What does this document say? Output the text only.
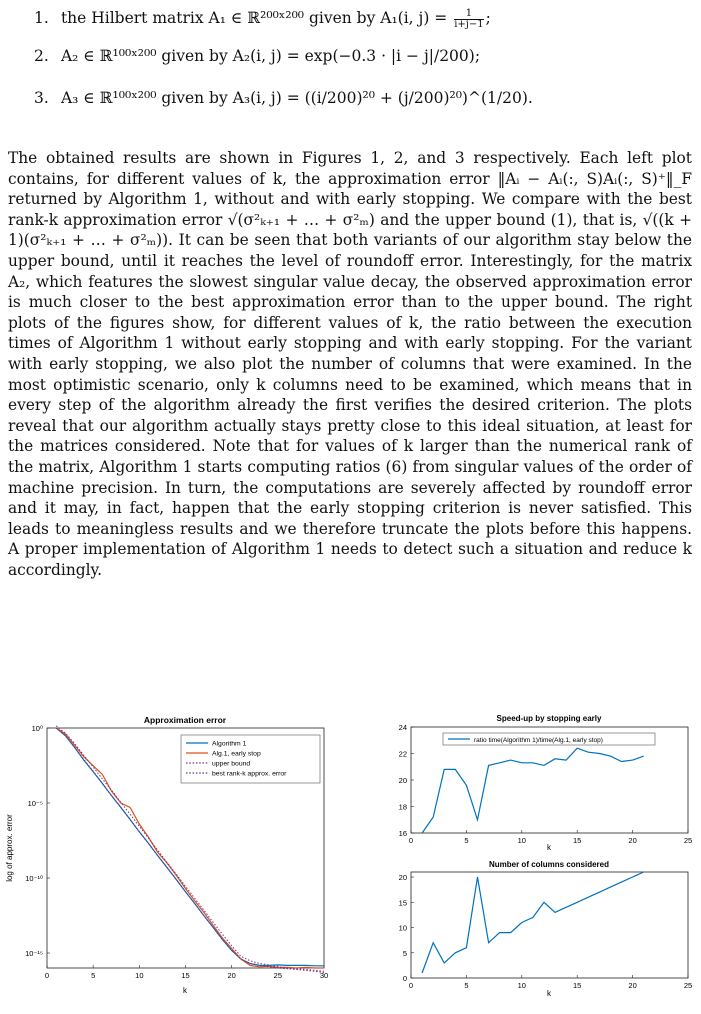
1. the Hilbert matrix A₁ ∈ ℝ²⁰⁰ˣ²⁰⁰ given by A₁(i, $j) = \frac{1}{i+j-1}$ ;
2. A₂ ∈ ℝ¹⁰⁰ˣ²⁰⁰ given by A₂(i, j) = exp(−0.3 · |i − j|/200);
3. A₃ ∈ ℝ¹⁰⁰ˣ²⁰⁰ given by A₃(i, j) = ((i/200)²⁰ + (j/200)²⁰)^(1/20).

The obtained results are shown in Figures 1, 2, and 3 respectively. Each left plot contains, for different values of k, the approximation error ‖Aᵢ − Aᵢ(:, S)Aᵢ(:, S)⁺‖_F returned by Algorithm 1, without and with early stopping. We compare with the best rank-k approximation error √(σ²ₖ₊₁ + … + σ²ₘ) and the upper bound (1), that is, √((k + 1)(σ²ₖ₊₁ + … + σ²ₘ)). It can be seen that both variants of our algorithm stay below the upper bound, until it reaches the level of roundoff error. Interestingly, for the matrix A₂, which features the slowest singular value decay, the observed approximation error is much closer to the best approximation error than to the upper bound. The right plots of the figures show, for different values of k, the ratio between the execution times of Algorithm 1 without early stopping and with early stopping. For the variant with early stopping, we also plot the number of columns that were examined. In the most optimistic scenario, only k columns need to be examined, which means that in every step of the algorithm already the first verifies the desired criterion. The plots reveal that our algorithm actually stays pretty close to this ideal situation, at least for the matrices considered. Note that for values of k larger than the numerical rank of the matrix, Algorithm 1 starts computing ratios (6) from singular values of the order of machine precision. In turn, the computations are severely affected by roundoff error and it may, in fact, happen that the early stopping criterion is never satisfied. This leads to meaningless results and we therefore truncate the plots before this happens. A proper implementation of Algorithm 1 needs to detect such a situation and reduce k accordingly.

Approximation error
k
log of approx. error
0	5	10	15	20	25	30
10⁰
10⁻⁵
10⁻¹⁰
10⁻¹⁵
Algorithm 1
Alg.1, early stop
upper bound
best rank-k approx. error
Speed-up by stopping early
k
0	5	10	15	20	25
16
18
20
22
24
ratio time(Algorithm 1)/time(Alg.1, early stop)
Number of columns considered
k
0	5	10	15	20	25
0
5
10
15
20
